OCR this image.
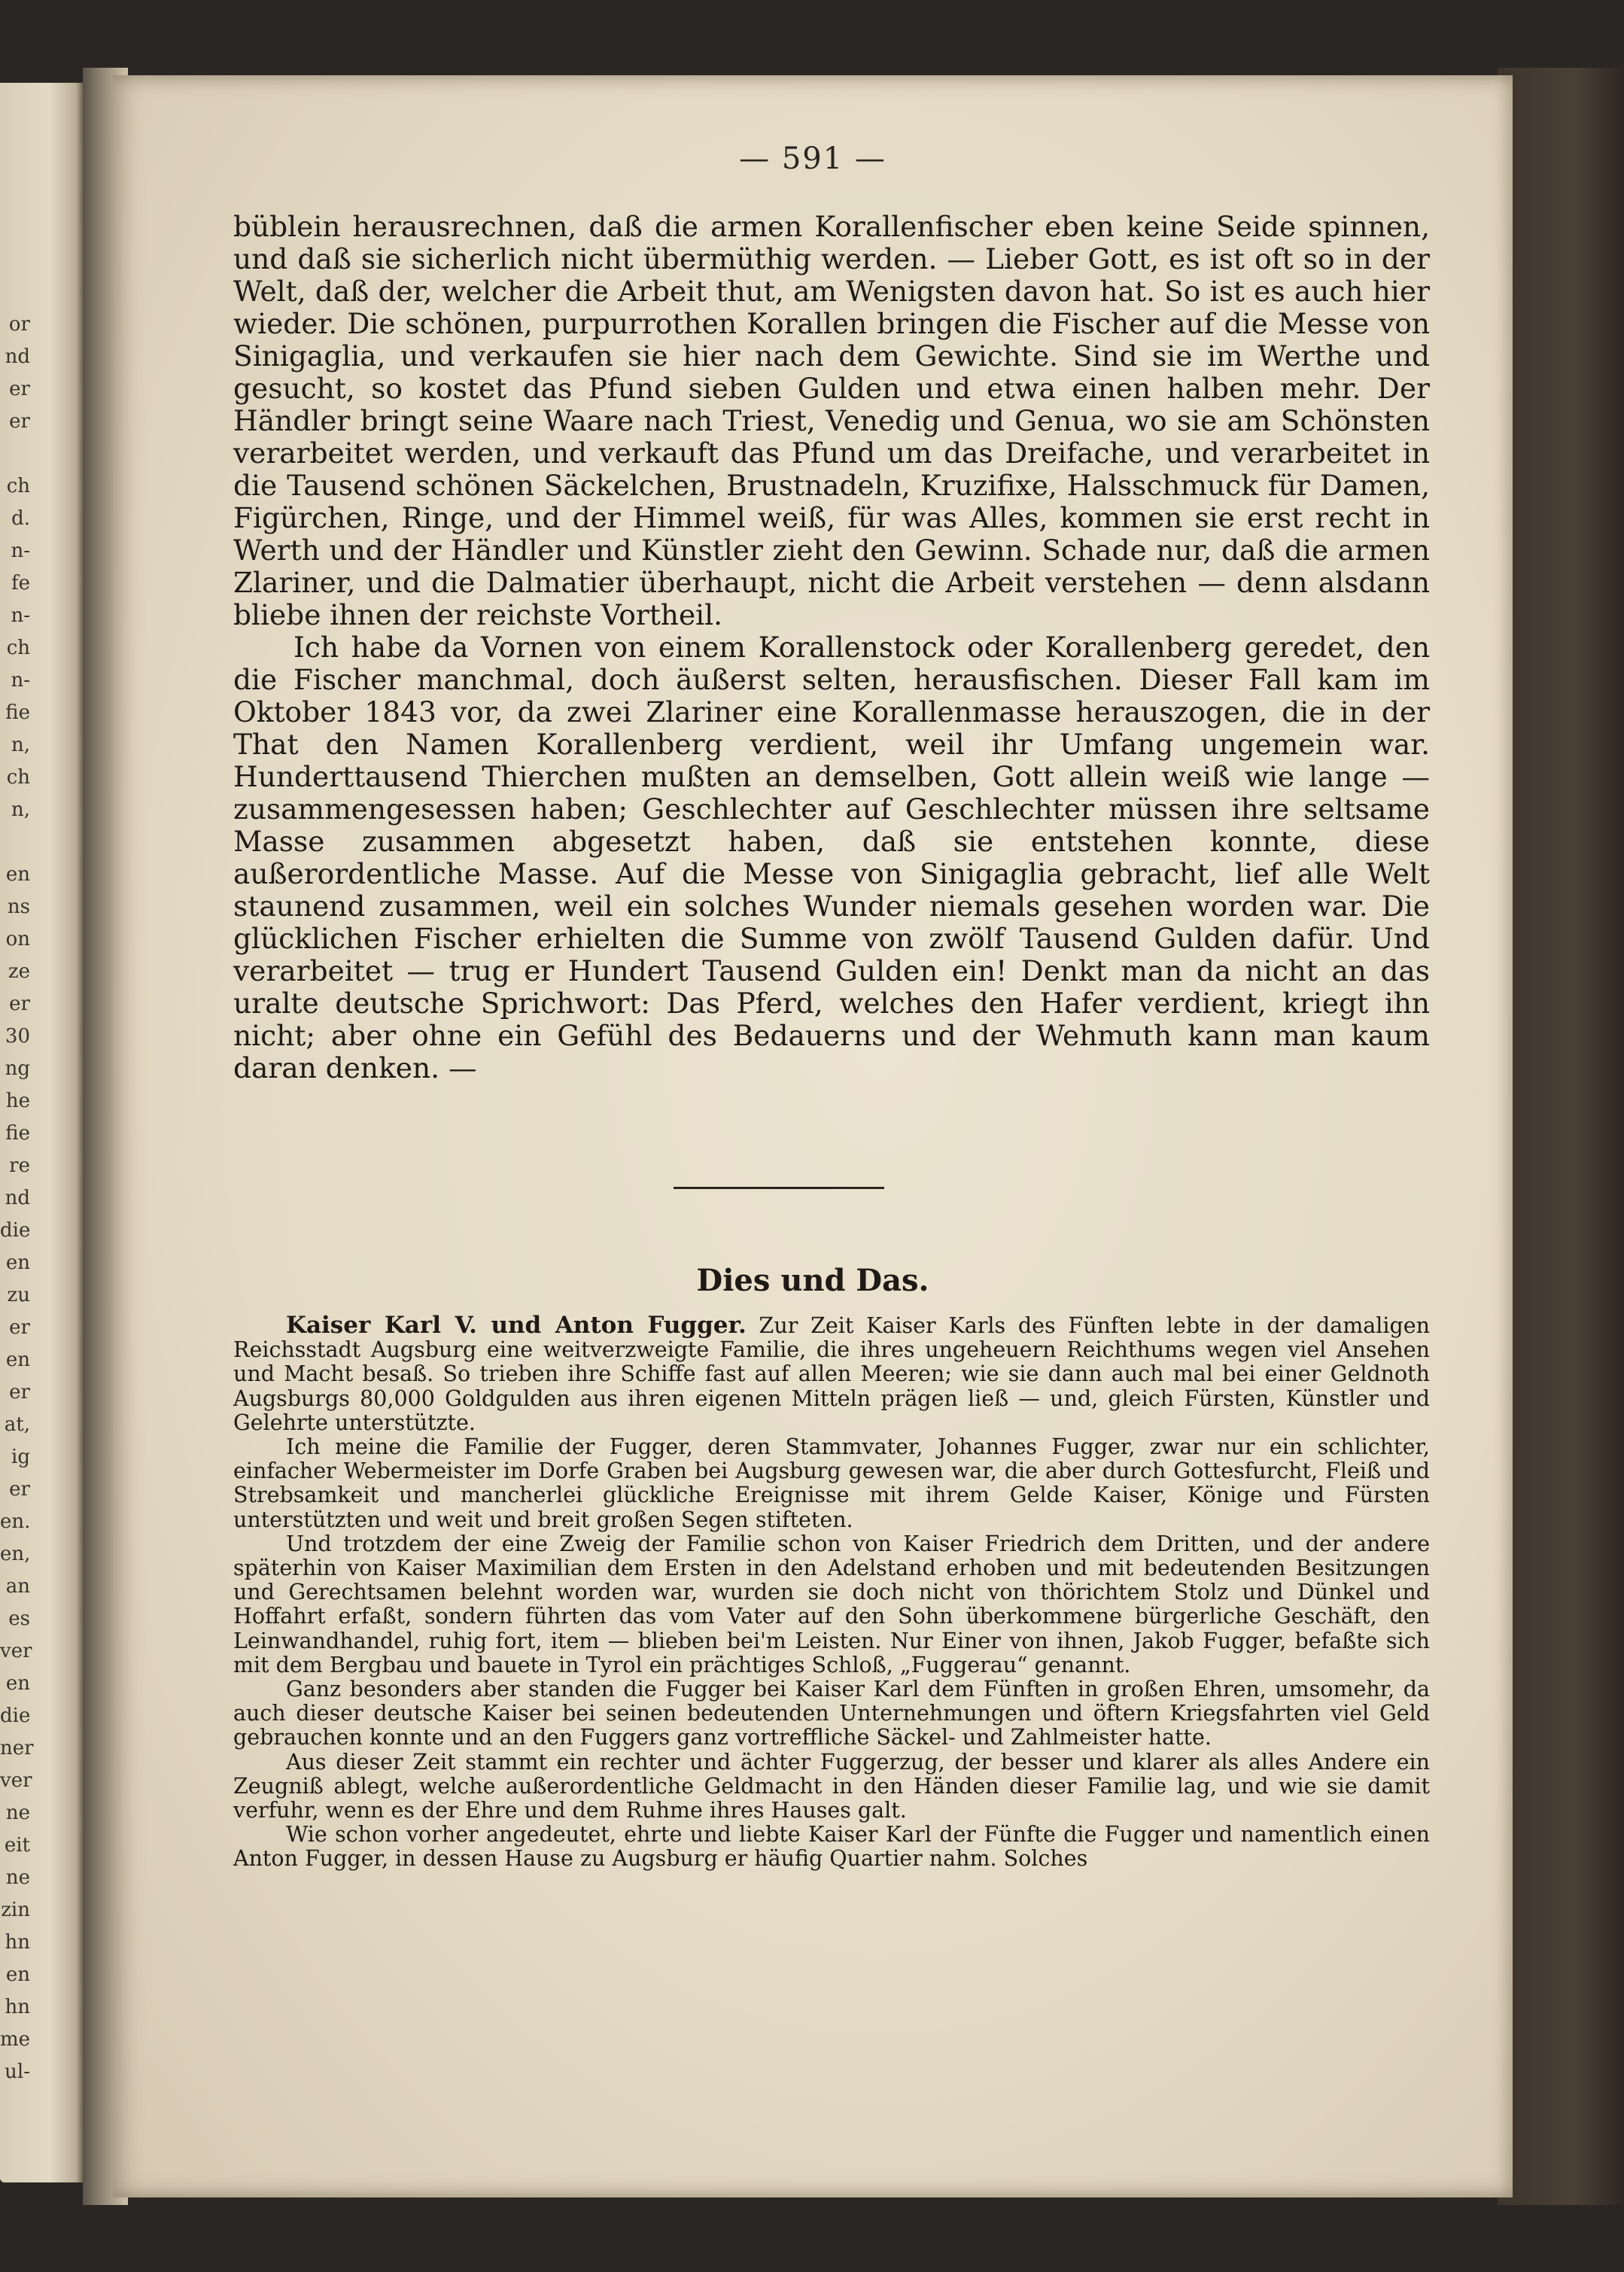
or
nd
er
er

ch
d.
n-
fe
n-
ch
n-
fie
n,
ch
n,

en
ns
on
ze
er
30
ng
he
fie
re
nd
die
en
zu
er
en
er
at,
ig
er
en.
en,
an
es
ver
en
die
ner
ver
ne
eit
ne
zin
hn
en
hn
me
ul-
— 591 —

büblein herausrechnen, daß die armen Korallenfischer eben keine Seide spinnen, und daß sie sicherlich nicht übermüthig werden. — Lieber Gott, es ist oft so in der Welt, daß der, welcher die Arbeit thut, am Wenigsten davon hat. So ist es auch hier wieder. Die schönen, purpurrothen Korallen bringen die Fischer auf die Messe von Sinigaglia, und verkaufen sie hier nach dem Gewichte. Sind sie im Werthe und gesucht, so kostet das Pfund sieben Gulden und etwa einen halben mehr. Der Händler bringt seine Waare nach Triest, Venedig und Genua, wo sie am Schönsten verarbeitet werden, und verkauft das Pfund um das Dreifache, und verarbeitet in die Tausend schönen Säckelchen, Brustnadeln, Kruzifixe, Halsschmuck für Damen, Figürchen, Ringe, und der Himmel weiß, für was Alles, kommen sie erst recht in Werth und der Händler und Künstler zieht den Gewinn. Schade nur, daß die armen Zlariner, und die Dalmatier überhaupt, nicht die Arbeit verstehen — denn alsdann bliebe ihnen der reichste Vortheil.

Ich habe da Vornen von einem Korallenstock oder Korallenberg geredet, den die Fischer manchmal, doch äußerst selten, herausfischen. Dieser Fall kam im Oktober 1843 vor, da zwei Zlariner eine Korallenmasse herauszogen, die in der That den Namen Korallenberg verdient, weil ihr Umfang ungemein war. Hunderttausend Thierchen mußten an demselben, Gott allein weiß wie lange — zusammengesessen haben; Geschlechter auf Geschlechter müssen ihre seltsame Masse zusammen abgesetzt haben, daß sie entstehen konnte, diese außerordentliche Masse. Auf die Messe von Sinigaglia gebracht, lief alle Welt staunend zusammen, weil ein solches Wunder niemals gesehen worden war. Die glücklichen Fischer erhielten die Summe von zwölf Tausend Gulden dafür. Und verarbeitet — trug er Hundert Tausend Gulden ein! Denkt man da nicht an das uralte deutsche Sprichwort: Das Pferd, welches den Hafer verdient, kriegt ihn nicht; aber ohne ein Gefühl des Bedauerns und der Wehmuth kann man kaum daran denken. —

Dies und Das.

Kaiser Karl V. und Anton Fugger. Zur Zeit Kaiser Karls des Fünften lebte in der damaligen Reichsstadt Augsburg eine weitverzweigte Familie, die ihres ungeheuern Reichthums wegen viel Ansehen und Macht besaß. So trieben ihre Schiffe fast auf allen Meeren; wie sie dann auch mal bei einer Geldnoth Augsburgs 80,000 Goldgulden aus ihren eigenen Mitteln prägen ließ — und, gleich Fürsten, Künstler und Gelehrte unterstützte.

Ich meine die Familie der Fugger, deren Stammvater, Johannes Fugger, zwar nur ein schlichter, einfacher Webermeister im Dorfe Graben bei Augsburg gewesen war, die aber durch Gottesfurcht, Fleiß und Strebsamkeit und mancherlei glückliche Ereignisse mit ihrem Gelde Kaiser, Könige und Fürsten unterstützten und weit und breit großen Segen stifteten.

Und trotzdem der eine Zweig der Familie schon von Kaiser Friedrich dem Dritten, und der andere späterhin von Kaiser Maximilian dem Ersten in den Adelstand erhoben und mit bedeutenden Besitzungen und Gerechtsamen belehnt worden war, wurden sie doch nicht von thörichtem Stolz und Dünkel und Hoffahrt erfaßt, sondern führten das vom Vater auf den Sohn überkommene bürgerliche Geschäft, den Leinwandhandel, ruhig fort, item — blieben bei'm Leisten. Nur Einer von ihnen, Jakob Fugger, befaßte sich mit dem Bergbau und bauete in Tyrol ein prächtiges Schloß, „Fuggerau“ genannt.

Ganz besonders aber standen die Fugger bei Kaiser Karl dem Fünften in großen Ehren, umsomehr, da auch dieser deutsche Kaiser bei seinen bedeutenden Unternehmungen und öftern Kriegsfahrten viel Geld gebrauchen konnte und an den Fuggers ganz vortreffliche Säckel- und Zahlmeister hatte.

Aus dieser Zeit stammt ein rechter und ächter Fuggerzug, der besser und klarer als alles Andere ein Zeugniß ablegt, welche außerordentliche Geldmacht in den Händen dieser Familie lag, und wie sie damit verfuhr, wenn es der Ehre und dem Ruhme ihres Hauses galt.

Wie schon vorher angedeutet, ehrte und liebte Kaiser Karl der Fünfte die Fugger und namentlich einen Anton Fugger, in dessen Hause zu Augsburg er häufig Quartier nahm. Solches
